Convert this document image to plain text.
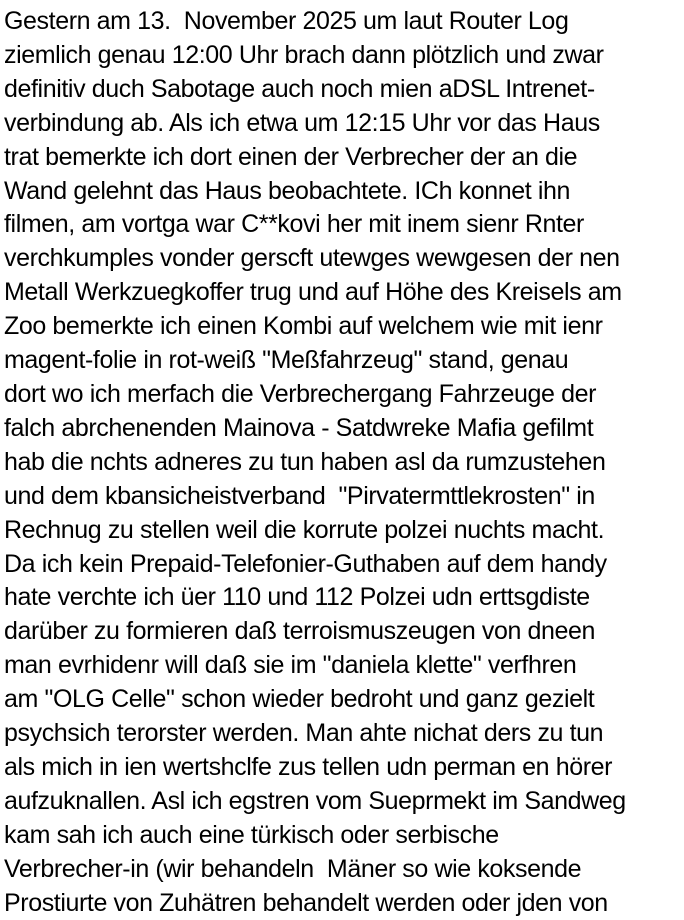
Gestern am 13.  November 2025 um laut Router Log

ziemlich genau 12:00 Uhr brach dann plötzlich und zwar

definitiv duch Sabotage auch noch mien aDSL Intrenet-

verbindung ab. Als ich etwa um 12:15 Uhr vor das Haus

trat bemerkte ich dort einen der Verbrecher der an die

Wand gelehnt das Haus beobachtete. ICh konnet ihn

filmen, am vortga war C**kovi her mit inem sienr Rnter

verchkumples vonder gerscft utewges wewgesen der nen

Metall Werkzuegkoffer trug und auf Höhe des Kreisels am

Zoo bemerkte ich einen Kombi auf welchem wie mit ienr

magent-folie in rot-weiß "Meßfahrzeug" stand, genau

dort wo ich merfach die Verbrechergang Fahrzeuge der

falch abrchenenden Mainova - Satdwreke Mafia gefilmt

hab die nchts adneres zu tun haben asl da rumzustehen

und dem kbansicheistverband  "Pirvatermttlekrosten" in

Rechnug zu stellen weil die korrute polzei nuchts macht.

Da ich kein Prepaid-Telefonier-Guthaben auf dem handy

hate verchte ich üer 110 und 112 Polzei udn erttsgdiste

darüber zu formieren daß terroismuszeugen von dneen

man evrhidenr will daß sie im "daniela klette" verfhren

am "OLG Celle" schon wieder bedroht und ganz gezielt

psychsich terorster werden. Man ahte nichat ders zu tun

als mich in ien wertshclfe zus tellen udn perman en hörer

aufzuknallen. Asl ich egstren vom Sueprmekt im Sandweg

kam sah ich auch eine türkisch oder serbische

Verbrecher-in (wir behandeln  Mäner so wie koksende

Prostiurte von Zuhätren behandelt werden oder jden von
